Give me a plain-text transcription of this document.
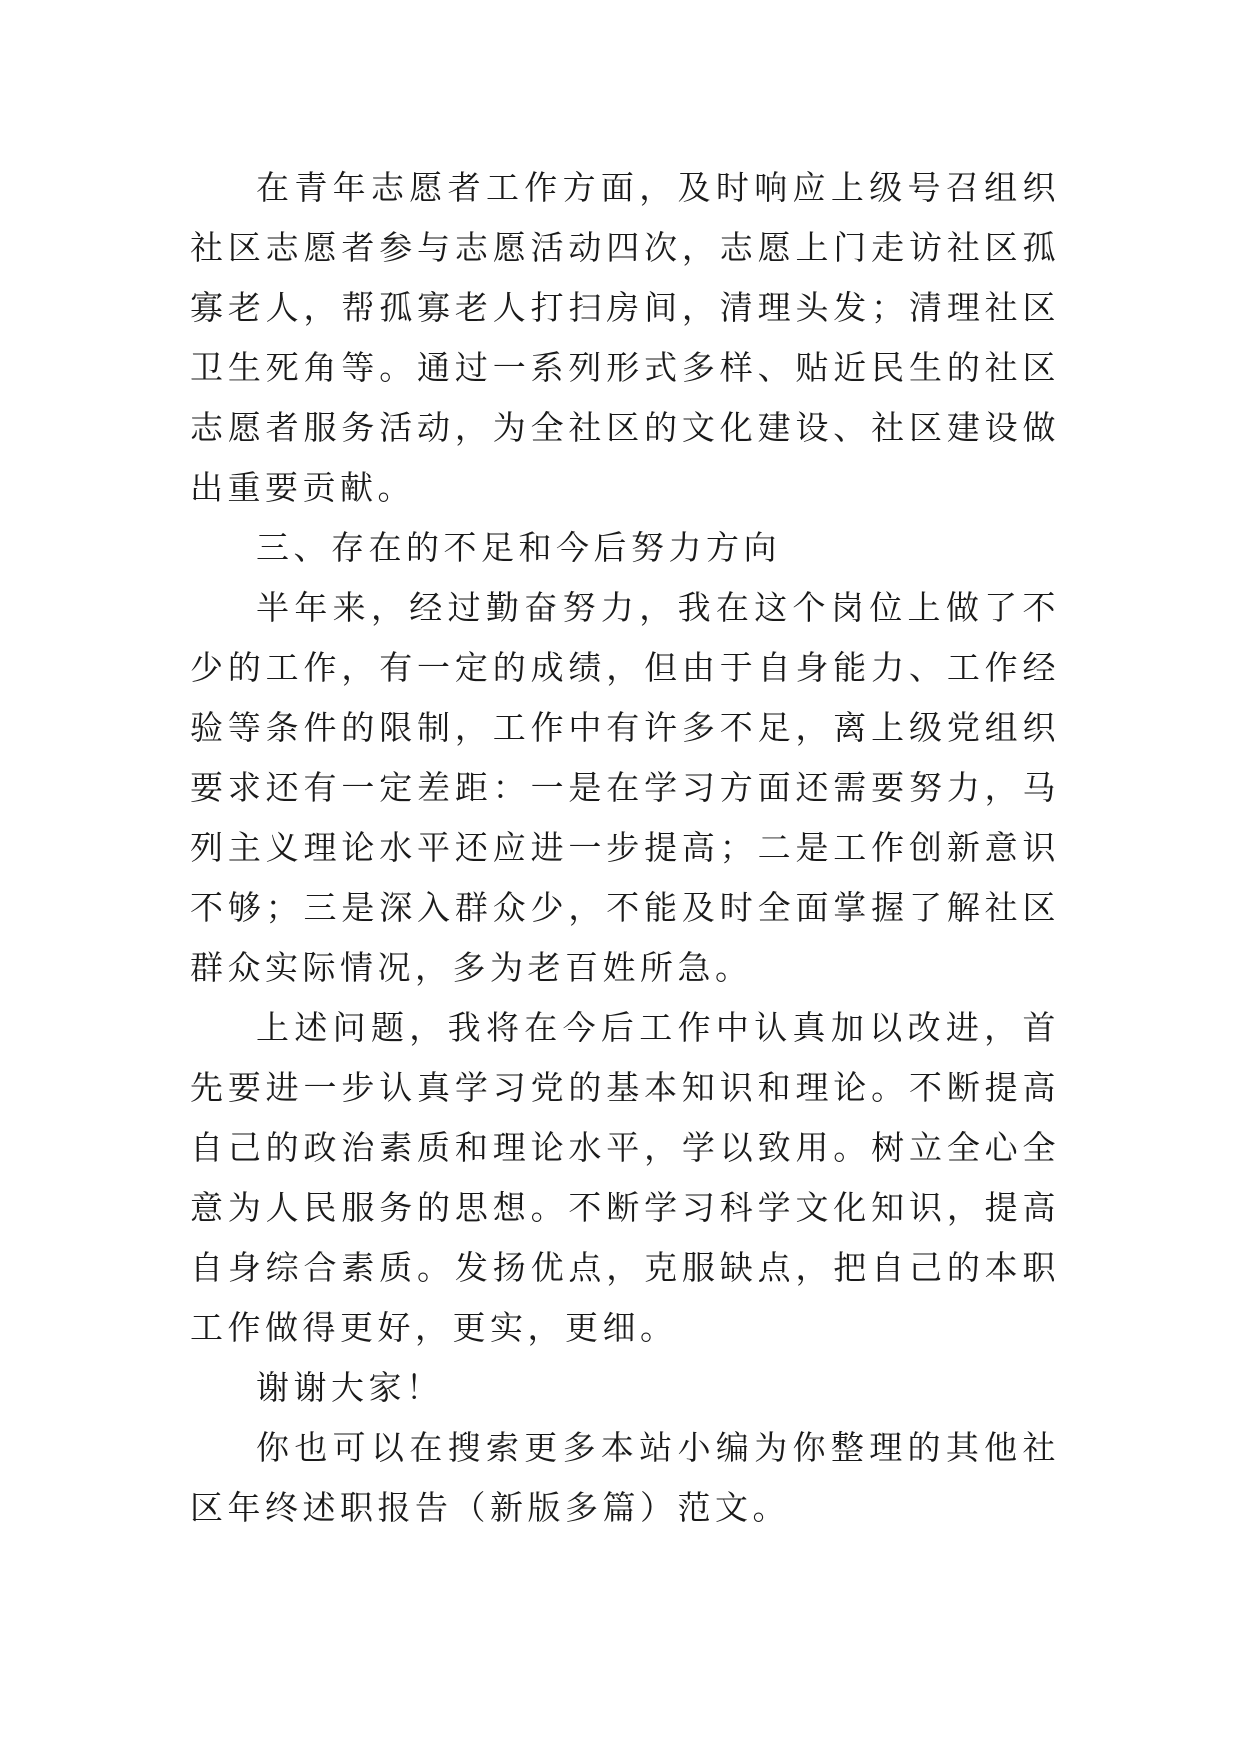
在青年志愿者工作方面，及时响应上级号召组织社区志愿者参与志愿活动四次，志愿上门走访社区孤寡老人，帮孤寡老人打扫房间，清理头发；清理社区卫生死角等。通过一系列形式多样、贴近民生的社区志愿者服务活动，为全社区的文化建设、社区建设做出重要贡献。

三、存在的不足和今后努力方向

半年来，经过勤奋努力，我在这个岗位上做了不少的工作，有一定的成绩，但由于自身能力、工作经验等条件的限制，工作中有许多不足，离上级党组织要求还有一定差距：一是在学习方面还需要努力，马列主义理论水平还应进一步提高；二是工作创新意识不够；三是深入群众少，不能及时全面掌握了解社区群众实际情况，多为老百姓所急。

上述问题，我将在今后工作中认真加以改进，首先要进一步认真学习党的基本知识和理论。不断提高自己的政治素质和理论水平，学以致用。树立全心全意为人民服务的思想。不断学习科学文化知识，提高自身综合素质。发扬优点，克服缺点，把自己的本职工作做得更好，更实，更细。

谢谢大家！

你也可以在搜索更多本站小编为你整理的其他社区年终述职报告（新版多篇）范文。
